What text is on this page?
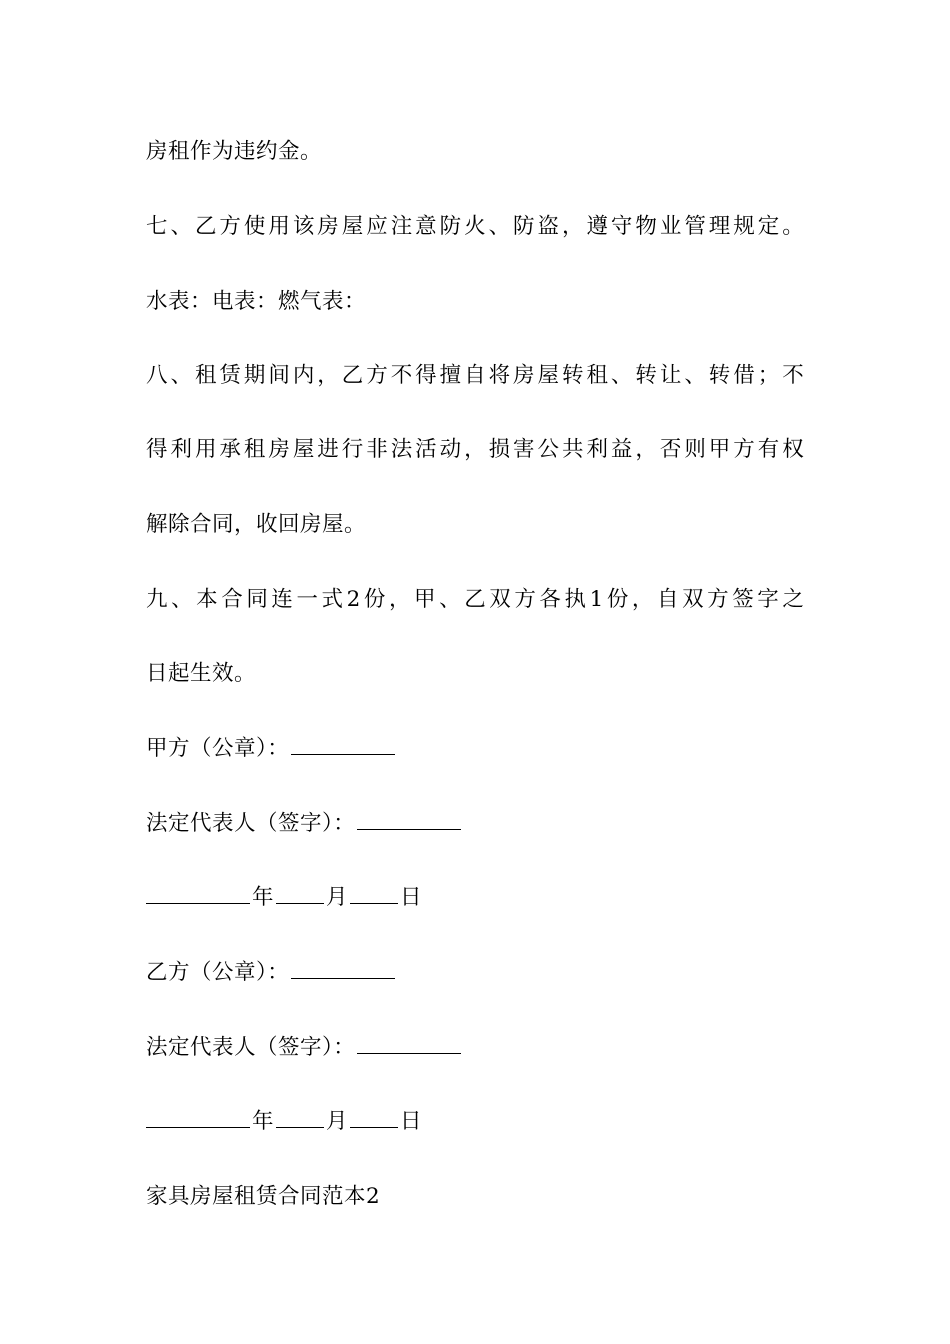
房租作为违约金。
七 、 乙 方 使 用 该 房 屋 应 注 意 防 火 、 防 盗 ， 遵 守 物 业 管 理 规 定 。
水表：电表：燃气表：
八 、 租 赁 期 间 内 ， 乙 方 不 得 擅 自 将 房 屋 转 租 、 转 让 、 转 借 ； 不
得 利 用 承 租 房 屋 进 行 非 法 活 动 ， 损 害 公 共 利 益 ， 否 则 甲 方 有 权
解除合同，收回房屋。
九 、 本 合 同 连 一 式 2 份 ， 甲 、 乙 双 方 各 执 1 份 ， 自 双 方 签 字 之
日起生效。
甲方（公章）：
法定代表人（签字）：
年 月 日
乙方（公章）：
法定代表人（签字）：
年 月 日
家具房屋租赁合同范本2
